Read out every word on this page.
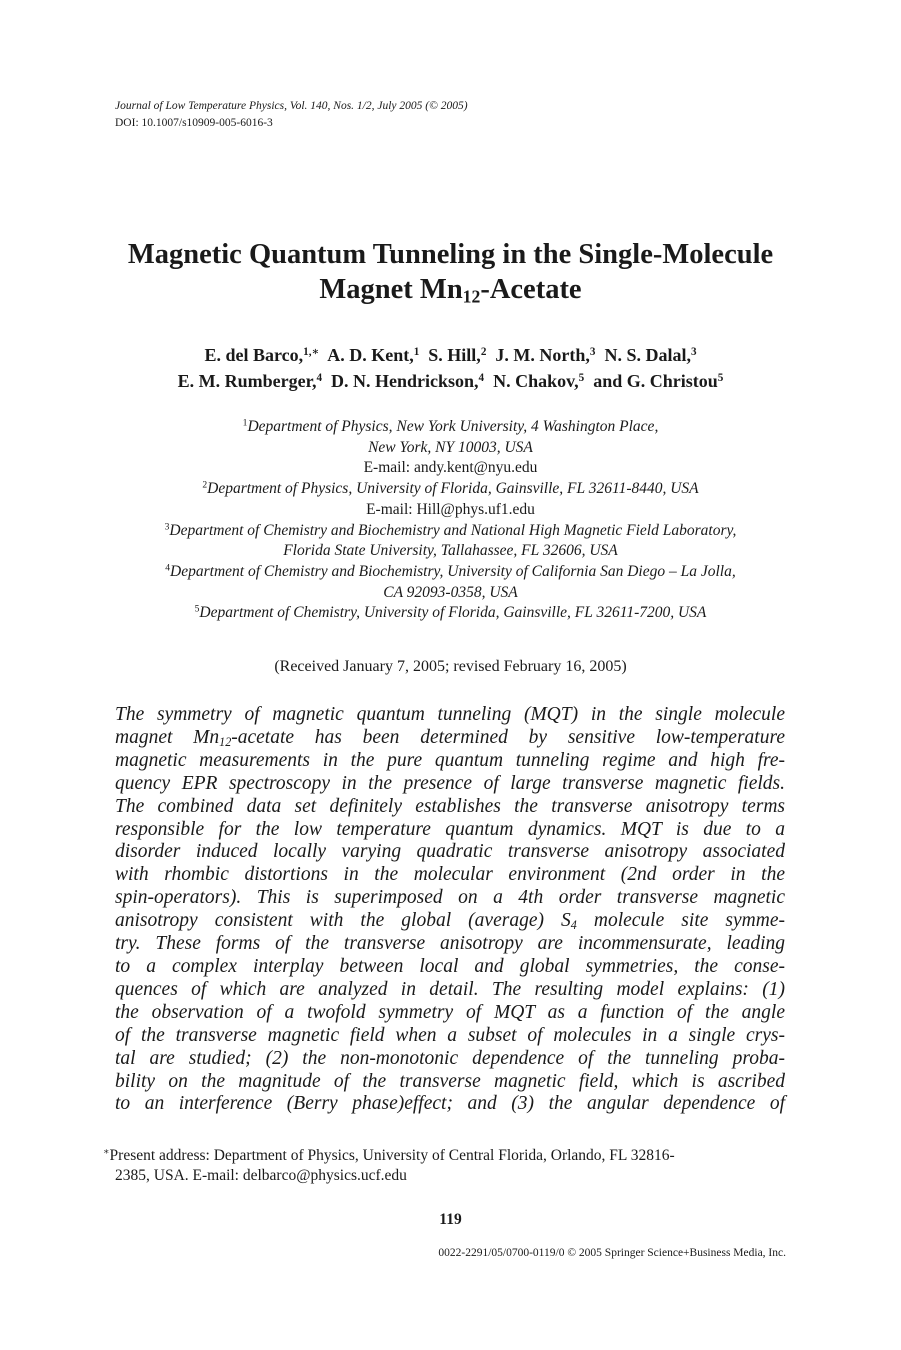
Journal of Low Temperature Physics, Vol. 140, Nos. 1/2, July 2005 (© 2005)
DOI: 10.1007/s10909-005-6016-3
Magnetic Quantum Tunneling in the Single-Molecule
Magnet $Mn_{12}$-Acetate
E. del Barco,$^{1,∗}$ A. D. Kent,$^1$ S. Hill,$^2$ J. M. North,$^3$ N. S. Dalal,$^3$
E. M. Rumberger,$^4$ D. N. Hendrickson,$^4$ N. Chakov,$^5$ and G. Christou$^5$
$^1$Department of Physics, New York University, 4 Washington Place,
New York, NY 10003, USA
E-mail: andy.kent@nyu.edu
$^2$Department of Physics, University of Florida, Gainsville, FL 32611-8440, USA
E-mail: Hill@phys.uf1.edu
$^3$Department of Chemistry and Biochemistry and National High Magnetic Field Laboratory,
Florida State University, Tallahassee, FL 32606, USA
$^4$Department of Chemistry and Biochemistry, University of California San Diego – La Jolla,
CA 92093-0358, USA
$^5$Department of Chemistry, University of Florida, Gainsville, FL 32611-7200, USA
(Received January 7, 2005; revised February 16, 2005)
The symmetry of magnetic quantum tunneling (MQT) in the single molecule
magnet $Mn_{12}$-acetate has been determined by sensitive low-temperature
magnetic measurements in the pure quantum tunneling regime and high fre-
quency EPR spectroscopy in the presence of large transverse magnetic fields.
The combined data set definitely establishes the transverse anisotropy terms
responsible for the low temperature quantum dynamics. MQT is due to a
disorder induced locally varying quadratic transverse anisotropy associated
with rhombic distortions in the molecular environment (2nd order in the
spin-operators). This is superimposed on a 4th order transverse magnetic
anisotropy consistent with the global (average) $S_4$ molecule site symme-
try. These forms of the transverse anisotropy are incommensurate, leading
to a complex interplay between local and global symmetries, the conse-
quences of which are analyzed in detail. The resulting model explains: (1)
the observation of a twofold symmetry of MQT as a function of the angle
of the transverse magnetic field when a subset of molecules in a single crys-
tal are studied; (2) the non-monotonic dependence of the tunneling proba-
bility on the magnitude of the transverse magnetic field, which is ascribed
to an interference (Berry phase)effect; and (3) the angular dependence of
∗Present address: Department of Physics, University of Central Florida, Orlando, FL 32816-
2385, USA. E-mail: delbarco@physics.ucf.edu
119
0022-2291/05/0700-0119/0 © 2005 Springer Science+Business Media, Inc.
